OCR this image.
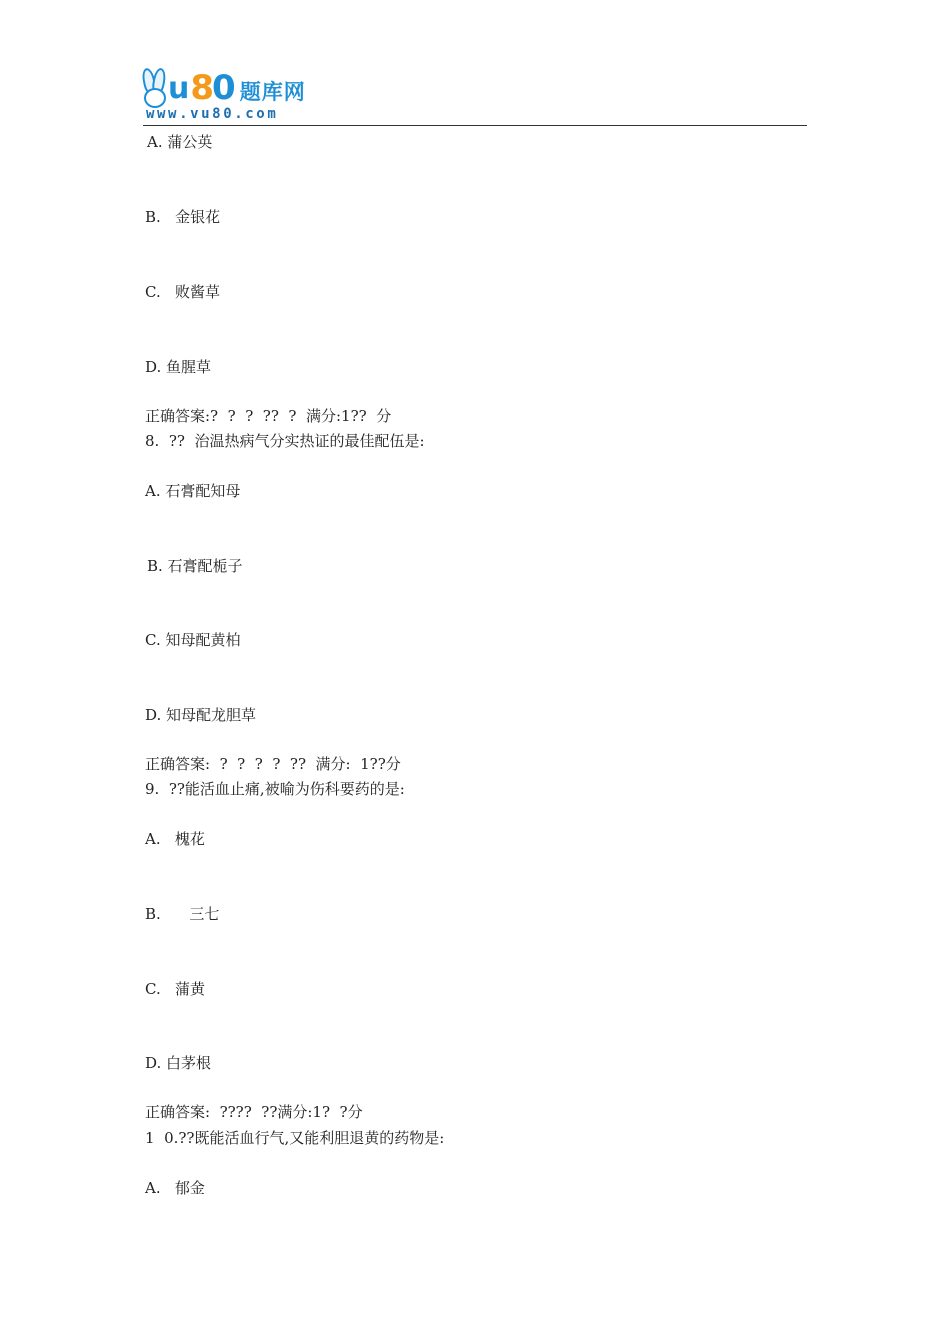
u 8
0 题库网
www.vu80.com
A. 蒲公英
B.   金银花
C.   败酱草
D. 鱼腥草
正确答案:?  ?  ?  ??  ?  满分:1??  分
8.  ??  治温热病气分实热证的最佳配伍是:
A. 石膏配知母
B. 石膏配栀子
C. 知母配黄柏
D. 知母配龙胆草
正确答案:  ?  ?  ?  ?  ??  满分:  1??分
9.  ??能活血止痛,被喻为伤科要药的是:
A.   槐花
B.      三七
C.   蒲黄
D. 白茅根
正确答案:  ????  ??满分:1?  ?分
1  0.??既能活血行气,又能利胆退黄的药物是:
A.   郁金
